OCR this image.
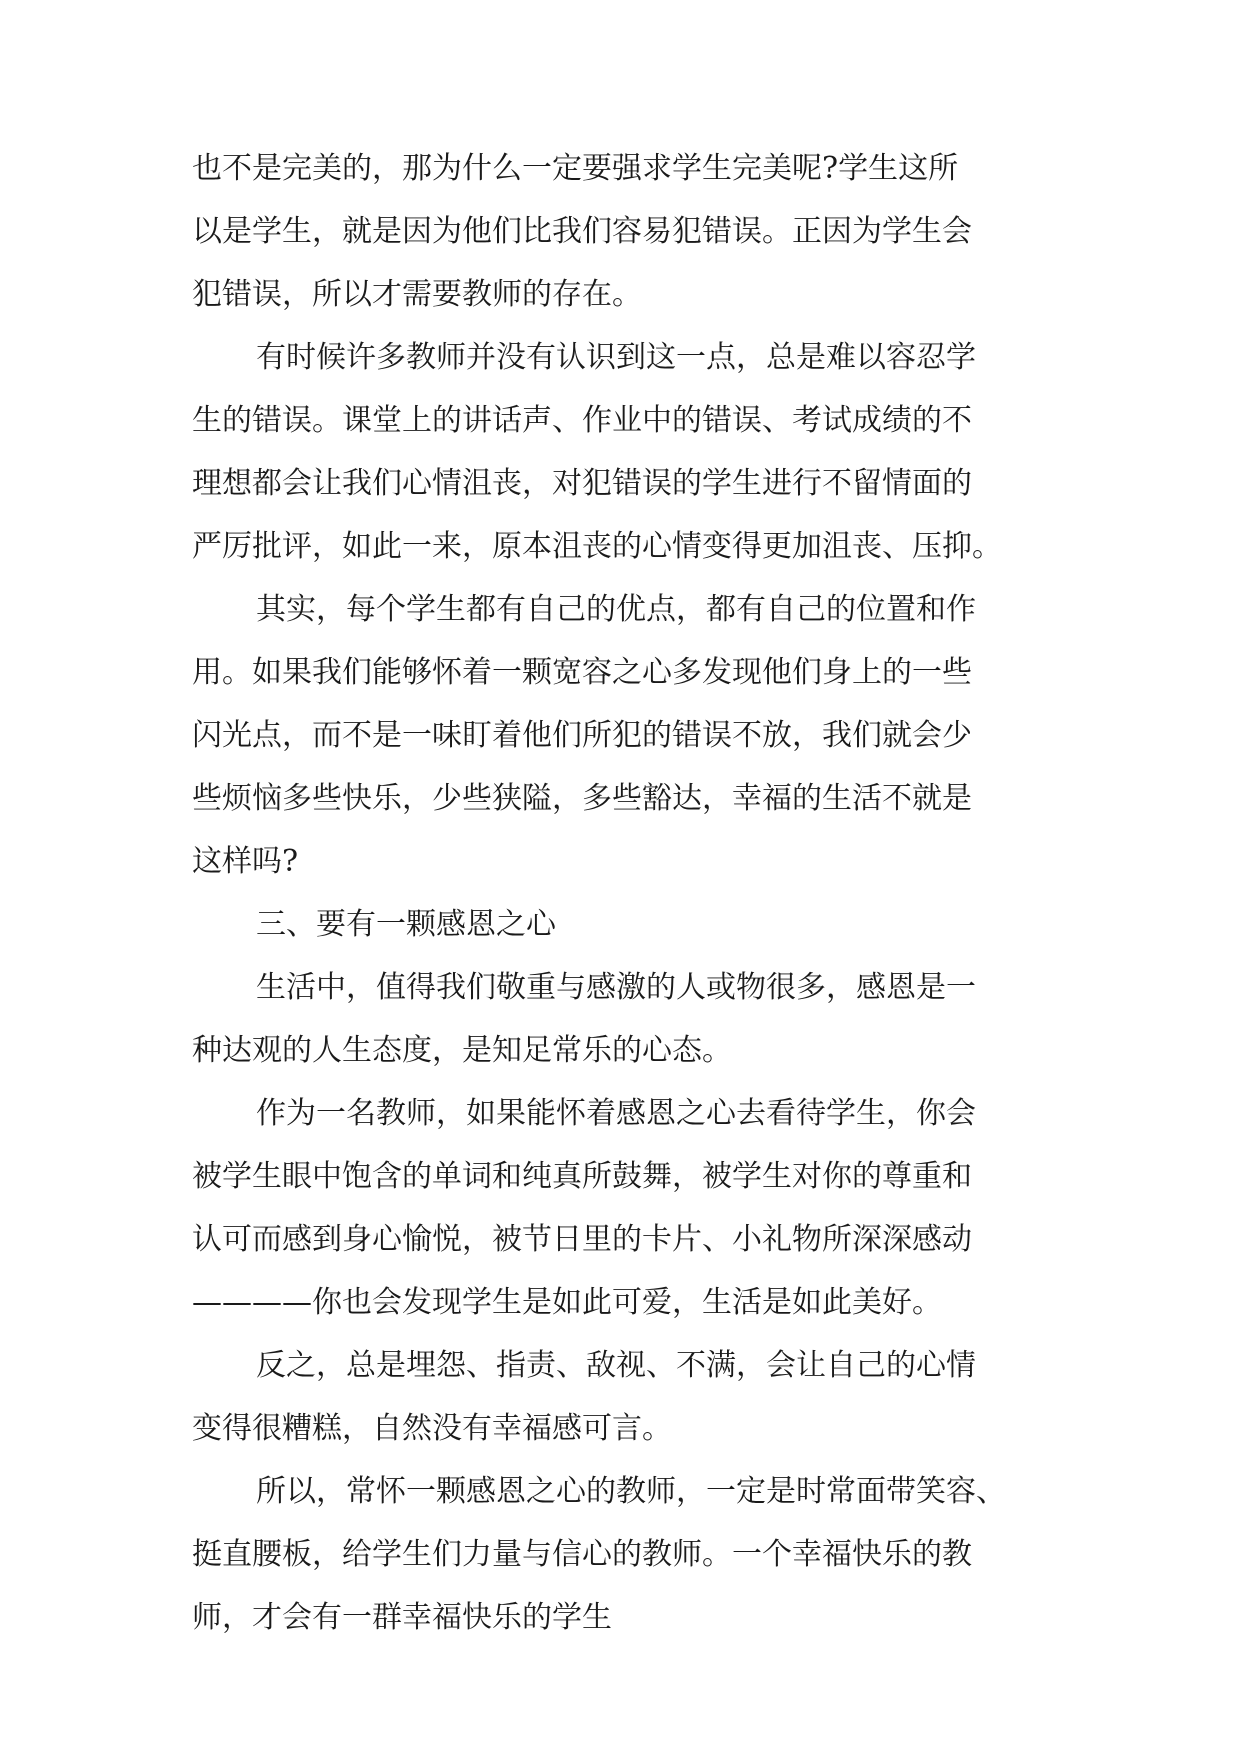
也不是完美的，那为什么一定要强求学生完美呢?学生这所
以是学生，就是因为他们比我们容易犯错误。正因为学生会
犯错误，所以才需要教师的存在。
有时候许多教师并没有认识到这一点，总是难以容忍学
生的错误。课堂上的讲话声、作业中的错误、考试成绩的不
理想都会让我们心情沮丧，对犯错误的学生进行不留情面的
严厉批评，如此一来，原本沮丧的心情变得更加沮丧、压抑。
其实，每个学生都有自己的优点，都有自己的位置和作
用。如果我们能够怀着一颗宽容之心多发现他们身上的一些
闪光点，而不是一味盯着他们所犯的错误不放，我们就会少
些烦恼多些快乐，少些狭隘，多些豁达，幸福的生活不就是
这样吗?
三、要有一颗感恩之心
生活中，值得我们敬重与感激的人或物很多，感恩是一
种达观的人生态度，是知足常乐的心态。
作为一名教师，如果能怀着感恩之心去看待学生，你会
被学生眼中饱含的单词和纯真所鼓舞，被学生对你的尊重和
认可而感到身心愉悦，被节日里的卡片、小礼物所深深感动
————你也会发现学生是如此可爱，生活是如此美好。
反之，总是埋怨、指责、敌视、不满，会让自己的心情
变得很糟糕，自然没有幸福感可言。
所以，常怀一颗感恩之心的教师，一定是时常面带笑容、
挺直腰板，给学生们力量与信心的教师。一个幸福快乐的教
师，才会有一群幸福快乐的学生
